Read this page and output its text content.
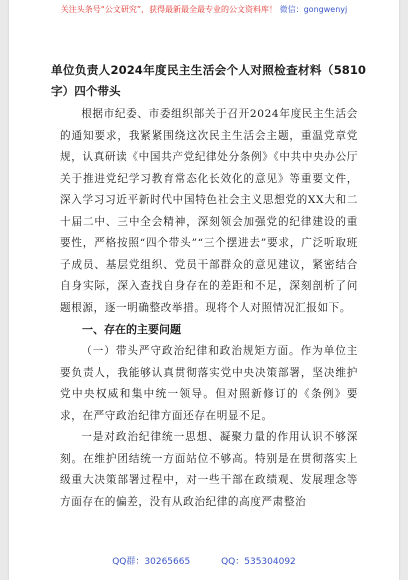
关注头条号“公文研究”，获得最新最全最专业的公文资料库！ 微信：gongwenyj
单位负责人2024年度民主生活会个人对照检查材料（5810字）四个带头

根据市纪委、市委组织部关于召开2024年度民主生活会的通知要求，我紧紧围绕这次民主生活会主题，重温党章党规，认真研读《中国共产党纪律处分条例》《中共中央办公厅关于推进党纪学习教育常态化长效化的意见》等重要文件，深入学习习近平新时代中国特色社会主义思想党的XX大和二十届二中、三中全会精神，深刻领会加强党的纪律建设的重要性，严格按照“四个带头”“三个摆进去”要求，广泛听取班子成员、基层党组织、党员干部群众的意见建议，紧密结合自身实际，深入查找自身存在的差距和不足，深刻剖析了问题根源，逐一明确整改举措。现将个人对照情况汇报如下。

一、存在的主要问题

（一）带头严守政治纪律和政治规矩方面。作为单位主要负责人，我能够认真贯彻落实党中央决策部署，坚决维护党中央权威和集中统一领导。但对照新修订的《条例》要求，在严守政治纪律方面还存在明显不足。

一是对政治纪律统一思想、凝聚力量的作用认识不够深刻。在维护团结统一方面站位不够高。特别是在贯彻落实上级重大决策部署过程中，对一些干部在政绩观、发展理念等方面存在的偏差，没有从政治纪律的高度严肃整治

QQ群：30265665	QQ：535304092
